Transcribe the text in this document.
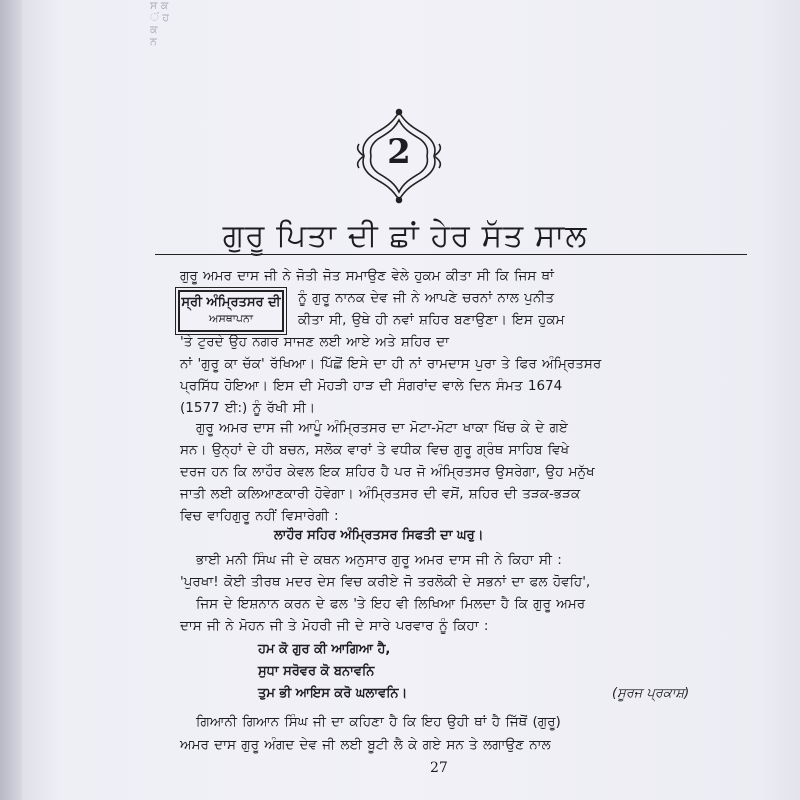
ਸ ਕ
ਂ ਹ
ਕ
ਨ
2
ਗੁਰੂ ਪਿਤਾ ਦੀ ਛਾਂ ਹੇਰ ਸੱਤ ਸਾਲ
ਸ੍ਰੀ ਅੰਮ੍ਰਿਤਸਰ ਦੀ
ਅਸਥਾਪਨਾ
ਗੁਰੂ ਅਮਰ ਦਾਸ ਜੀ ਨੇ ਜੋਤੀ ਜੋਤ ਸਮਾਉਣ ਵੇਲੇ ਹੁਕਮ ਕੀਤਾ ਸੀ ਕਿ ਜਿਸ ਥਾਂ
ਨੂੰ ਗੁਰੂ ਨਾਨਕ ਦੇਵ ਜੀ ਨੇ ਆਪਣੇ ਚਰਨਾਂ ਨਾਲ ਪੁਨੀਤ
ਕੀਤਾ ਸੀ, ਉਥੇ ਹੀ ਨਵਾਂ ਸ਼ਹਿਰ ਬਣਾਉਣਾ। ਇਸ ਹੁਕਮ
'ਤੇ ਟੁਰਦੇ ਉਹ ਨਗਰ ਸਾਜਣ ਲਈ ਆਏ ਅਤੇ ਸ਼ਹਿਰ ਦਾ
ਨਾਂ 'ਗੁਰੂ ਕਾ ਚੱਕ' ਰੱਖਿਆ। ਪਿੱਛੋਂ ਇਸੇ ਦਾ ਹੀ ਨਾਂ ਰਾਮਦਾਸ ਪੁਰਾ ਤੇ ਫਿਰ ਅੰਮ੍ਰਿਤਸਰ
ਪ੍ਰਸਿੱਧ ਹੋਇਆ। ਇਸ ਦੀ ਮੋਹੜੀ ਹਾੜ ਦੀ ਸੰਗਰਾਂਦ ਵਾਲੇ ਦਿਨ ਸੰਮਤ 1674
(1577 ਈ:) ਨੂੰ ਰੱਖੀ ਸੀ।
ਗੁਰੂ ਅਮਰ ਦਾਸ ਜੀ ਆਪੂੰ ਅੰਮ੍ਰਿਤਸਰ ਦਾ ਮੋਟਾ-ਮੋਟਾ ਖਾਕਾ ਖਿੱਚ ਕੇ ਦੇ ਗਏ
ਸਨ। ਉਨ੍ਹਾਂ ਦੇ ਹੀ ਬਚਨ, ਸਲੋਕ ਵਾਰਾਂ ਤੇ ਵਧੀਕ ਵਿਚ ਗੁਰੂ ਗ੍ਰੰਥ ਸਾਹਿਬ ਵਿਖੇ
ਦਰਜ ਹਨ ਕਿ ਲਾਹੌਰ ਕੇਵਲ ਇਕ ਸ਼ਹਿਰ ਹੈ ਪਰ ਜੋ ਅੰਮ੍ਰਿਤਸਰ ਉਸਰੇਗਾ, ਉਹ ਮਨੁੱਖ
ਜਾਤੀ ਲਈ ਕਲਿਆਣਕਾਰੀ ਹੋਵੇਗਾ। ਅੰਮ੍ਰਿਤਸਰ ਦੀ ਵਸੋਂ, ਸ਼ਹਿਰ ਦੀ ਤੜਕ-ਭੜਕ
ਵਿਚ ਵਾਹਿਗੁਰੂ ਨਹੀਂ ਵਿਸਾਰੇਗੀ :
ਲਾਹੌਰ ਸਹਿਰ ਅੰਮ੍ਰਿਤਸਰ ਸਿਫਤੀ ਦਾ ਘਰੁ।
ਭਾਈ ਮਨੀ ਸਿੰਘ ਜੀ ਦੇ ਕਥਨ ਅਨੁਸਾਰ ਗੁਰੂ ਅਮਰ ਦਾਸ ਜੀ ਨੇ ਕਿਹਾ ਸੀ :
'ਪੁਰਖਾ! ਕੋਈ ਤੀਰਥ ਮਦਰ ਦੇਸ ਵਿਚ ਕਰੀਏ ਜੋ ਤਰਲੋਕੀ ਦੇ ਸਭਨਾਂ ਦਾ ਫਲ ਹੋਵਹਿ',
ਜਿਸ ਦੇ ਇਸ਼ਨਾਨ ਕਰਨ ਦੇ ਫਲ 'ਤੇ ਇਹ ਵੀ ਲਿਖਿਆ ਮਿਲਦਾ ਹੈ ਕਿ ਗੁਰੂ ਅਮਰ
ਦਾਸ ਜੀ ਨੇ ਮੋਹਨ ਜੀ ਤੇ ਮੋਹਰੀ ਜੀ ਦੇ ਸਾਰੇ ਪਰਵਾਰ ਨੂੰ ਕਿਹਾ :
ਹਮ ਕੋ ਗੁਰ ਕੀ ਆਗਿਆ ਹੈ,
ਸੁਧਾ ਸਰੋਵਰ ਕੋ ਬਨਾਵਨਿ
ਤੁਮ ਭੀ ਆਇਸ ਕਰੋ ਘਲਾਵਨਿ।	(ਸੂਰਜ ਪ੍ਰਕਾਸ਼)
ਗਿਆਨੀ ਗਿਆਨ ਸਿੰਘ ਜੀ ਦਾ ਕਹਿਣਾ ਹੈ ਕਿ ਇਹ ਉਹੀ ਥਾਂ ਹੈ ਜਿੱਥੋਂ (ਗੁਰੂ)
ਅਮਰ ਦਾਸ ਗੁਰੂ ਅੰਗਦ ਦੇਵ ਜੀ ਲਈ ਬੂਟੀ ਲੈ ਕੇ ਗਏ ਸਨ ਤੇ ਲਗਾਉਣ ਨਾਲ
27
